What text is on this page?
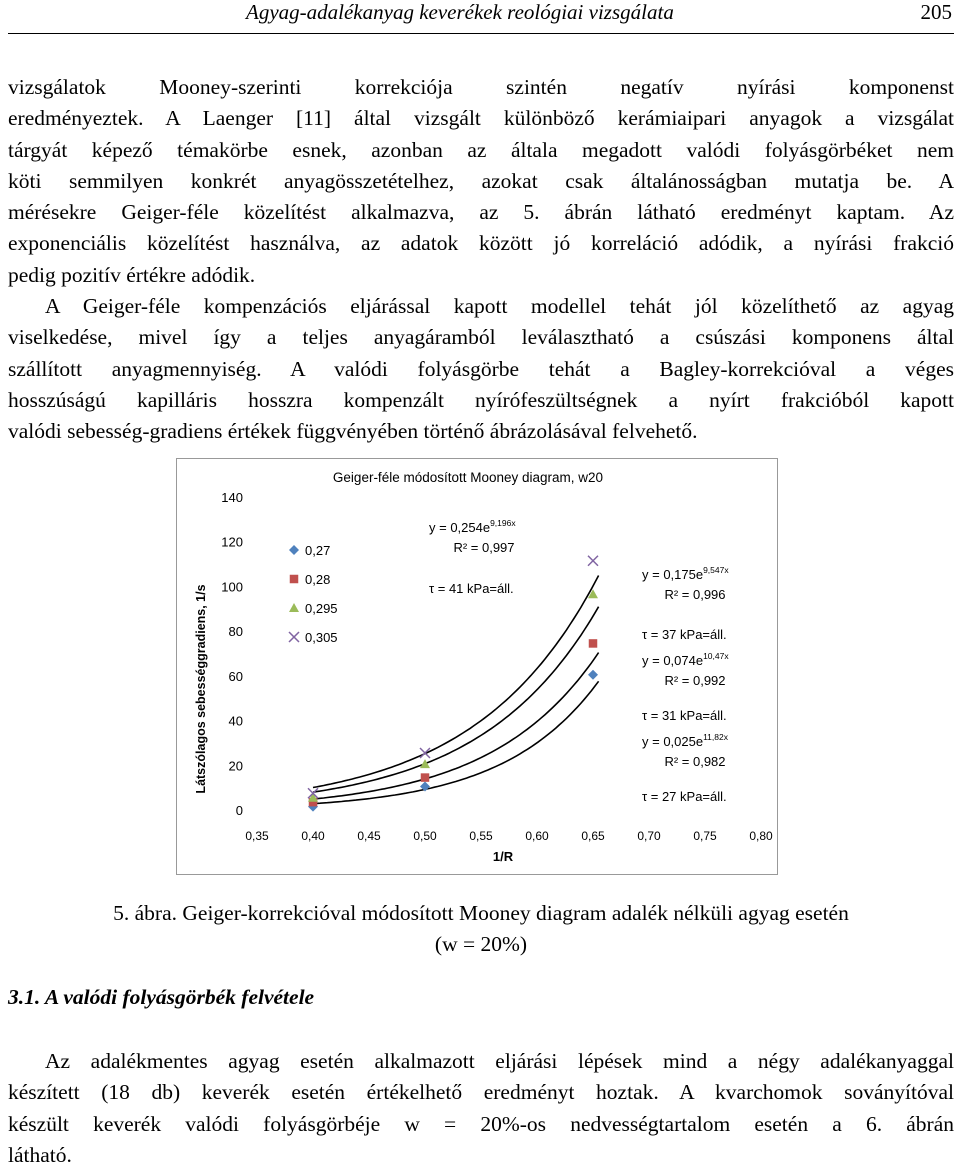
Agyag-adalékanyag keverékek reológiai vizsgálata	205
vizsgálatok Mooney-szerinti korrekciója szintén negatív nyírási komponenst
eredményeztek. A Laenger [11] által vizsgált különböző kerámiaipari anyagok a vizsgálat
tárgyát képező témakörbe esnek, azonban az általa megadott valódi folyásgörbéket nem
köti semmilyen konkrét anyagösszetételhez, azokat csak általánosságban mutatja be. A
mérésekre Geiger-féle közelítést alkalmazva, az 5. ábrán látható eredményt kaptam. Az
exponenciális közelítést használva, az adatok között jó korreláció adódik, a nyírási frakció
pedig pozitív értékre adódik.
A Geiger-féle kompenzációs eljárással kapott modellel tehát jól közelíthető az agyag
viselkedése, mivel így a teljes anyagáramból leválasztható a csúszási komponens által
szállított anyagmennyiség. A valódi folyásgörbe tehát a Bagley-korrekcióval a véges
hosszúságú kapilláris hosszra kompenzált nyírófeszültségnek a nyírt frakcióból kapott
valódi sebesség-gradiens értékek függvényében történő ábrázolásával felvehető.
Geiger-féle módosított Mooney diagram, w20
Látszólagos sebességgradiens, 1/s
1/R
0
20
40
60
80
100
120
140
0,35	0,40	0,45	0,50	0,55	0,60	0,65	0,70	0,75	0,80
0,27
0,28
0,295
0,305
$y = 0,254e^{9,196x}$
R² = 0,997
τ = 41 kPa=áll.
$y = 0,175e^{9,547x}$
R² = 0,996
τ = 37 kPa=áll.
$y = 0,074e^{10,47x}$
R² = 0,992
τ = 31 kPa=áll.
$y = 0,025e^{11,82x}$
R² = 0,982
τ = 27 kPa=áll.
5. ábra. Geiger-korrekcióval módosított Mooney diagram adalék nélküli agyag esetén
(w = 20%)
3.1. A valódi folyásgörbék felvétele
Az adalékmentes agyag esetén alkalmazott eljárási lépések mind a négy adalékanyaggal
készített (18 db) keverék esetén értékelhető eredményt hoztak. A kvarchomok soványítóval
készült keverék valódi folyásgörbéje w = 20%-os nedvességtartalom esetén a 6. ábrán
látható.
